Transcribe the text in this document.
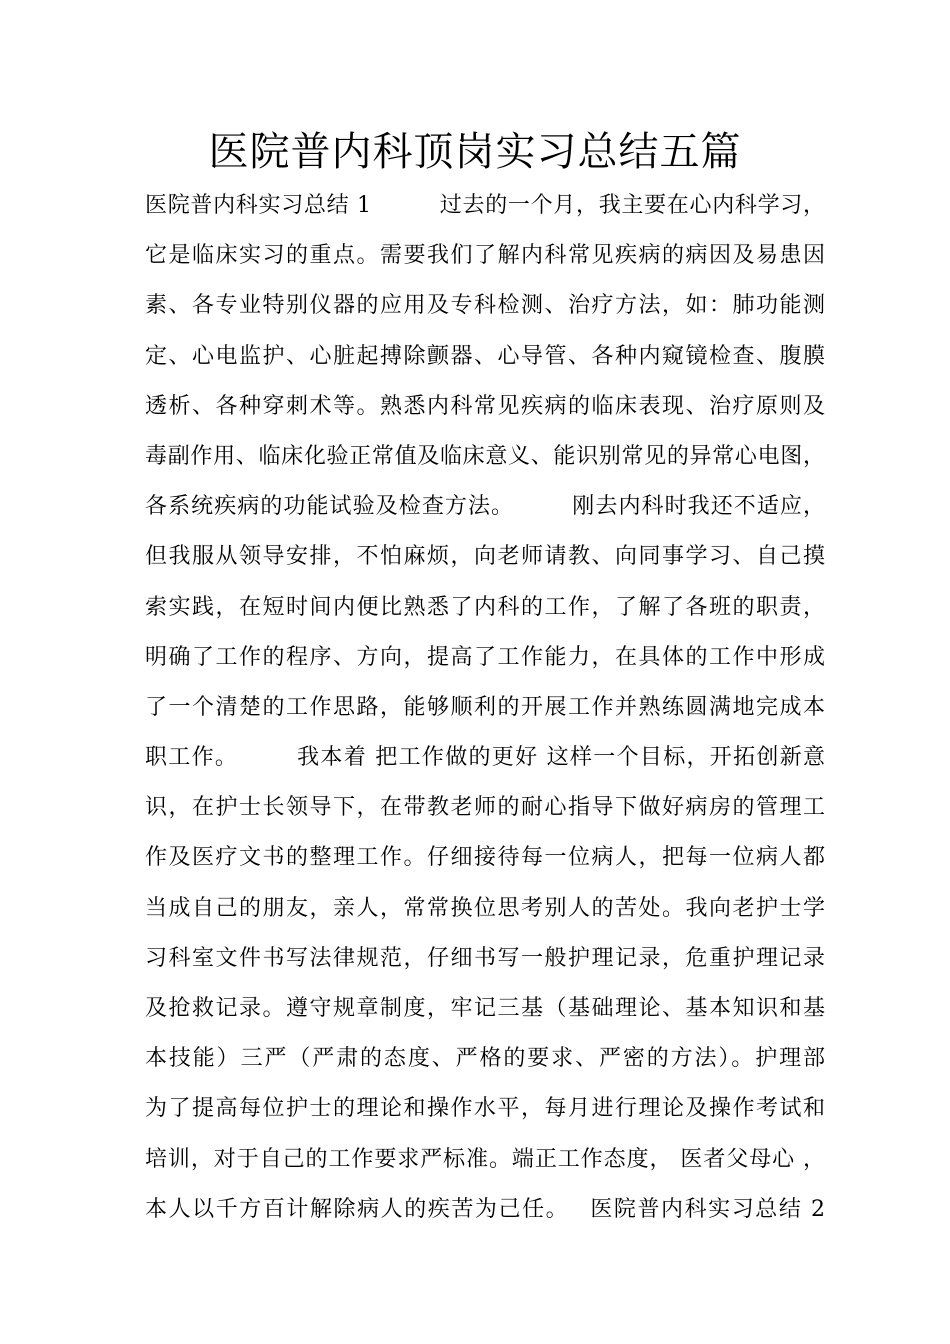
医院普内科顶岗实习总结五篇
医院普内科实习总结 1　　　过去的一个月，我主要在心内科学习，
它是临床实习的重点。需要我们了解内科常见疾病的病因及易患因
素、各专业特别仪器的应用及专科检测、治疗方法，如：肺功能测
定、心电监护、心脏起搏除颤器、心导管、各种内窥镜检查、腹膜
透析、各种穿刺术等。熟悉内科常见疾病的临床表现、治疗原则及
毒副作用、临床化验正常值及临床意义、能识别常见的异常心电图，
各系统疾病的功能试验及检查方法。　　　刚去内科时我还不适应，
但我服从领导安排，不怕麻烦，向老师请教、向同事学习、自己摸
索实践，在短时间内便比熟悉了内科的工作，了解了各班的职责，
明确了工作的程序、方向，提高了工作能力，在具体的工作中形成
了一个清楚的工作思路，能够顺利的开展工作并熟练圆满地完成本
职工作。　　　我本着 把工作做的更好 这样一个目标，开拓创新意
识，在护士长领导下，在带教老师的耐心指导下做好病房的管理工
作及医疗文书的整理工作。仔细接待每一位病人，把每一位病人都
当成自己的朋友，亲人，常常换位思考别人的苦处。我向老护士学
习科室文件书写法律规范，仔细书写一般护理记录，危重护理记录
及抢救记录。遵守规章制度，牢记三基（基础理论、基本知识和基
本技能）三严（严肃的态度、严格的要求、严密的方法）。护理部
为了提高每位护士的理论和操作水平，每月进行理论及操作考试和
培训，对于自己的工作要求严标准。端正工作态度， 医者父母心 ，
本人以千方百计解除病人的疾苦为己任。　 医院普内科实习总结 2
